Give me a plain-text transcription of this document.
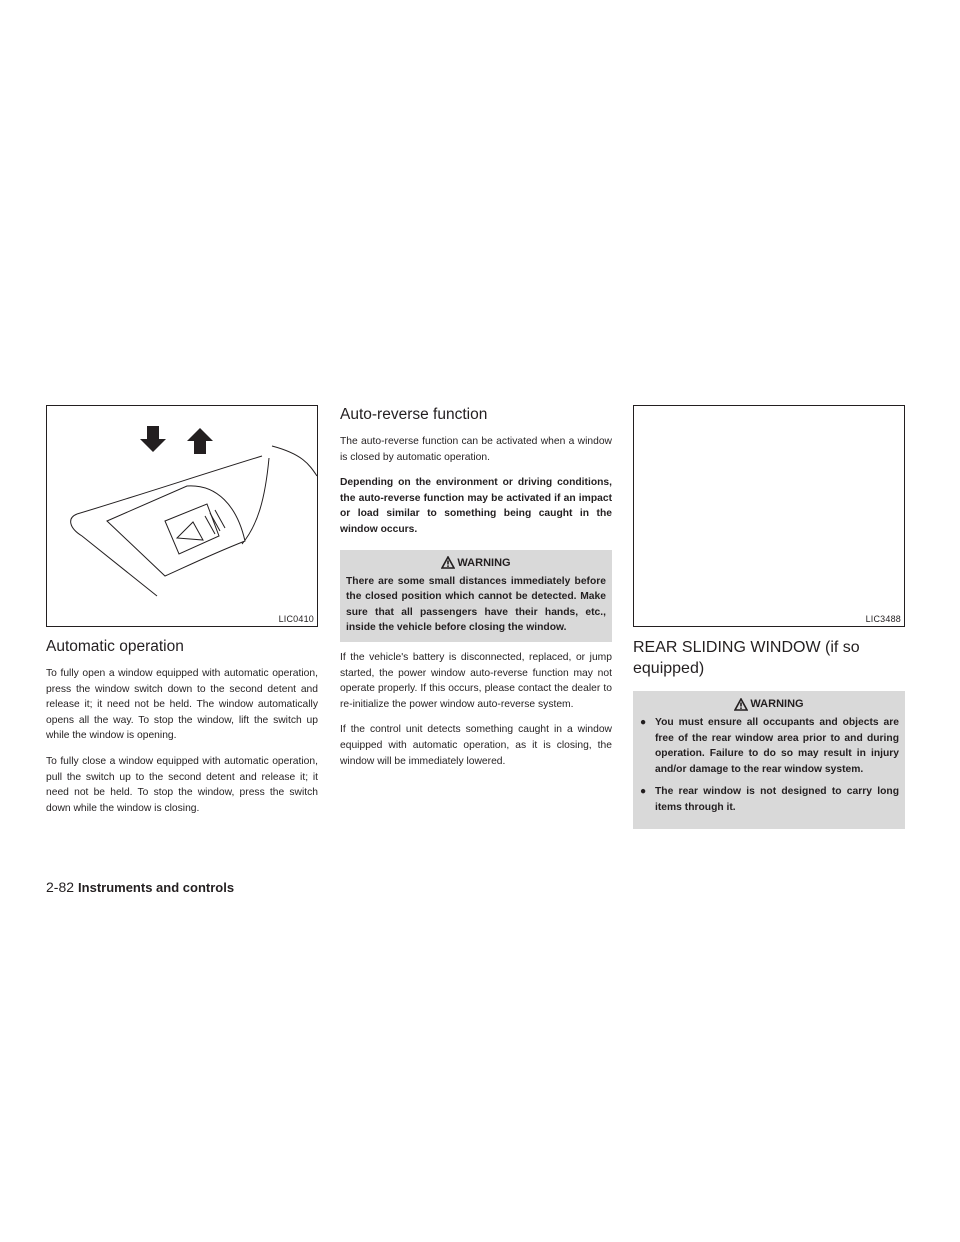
LIC0410
Automatic operation

To fully open a window equipped with automatic operation, press the window switch down to the second detent and release it; it need not be held. The window automatically opens all the way. To stop the window, lift the switch up while the window is opening.

To fully close a window equipped with automatic operation, pull the switch up to the second detent and release it; it need not be held. To stop the window, press the switch down while the window is closing.

Auto-reverse function

The auto-reverse function can be activated when a window is closed by automatic operation.

Depending on the environment or driving conditions, the auto-reverse function may be activated if an impact or load similar to something being caught in the window occurs.

WARNING
There are some small distances immediately before the closed position which cannot be detected. Make sure that all passengers have their hands, etc., inside the vehicle before closing the window.

If the vehicle's battery is disconnected, replaced, or jump started, the power window auto-reverse function may not operate properly. If this occurs, please contact the dealer to re-initialize the power window auto-reverse system.

If the control unit detects something caught in a window equipped with automatic operation, as it is closing, the window will be immediately lowered.

LIC3488
REAR SLIDING WINDOW (if so equipped)
WARNING
● You must ensure all occupants and objects are free of the rear window area prior to and during operation. Failure to do so may result in injury and/or damage to the rear window system.
● The rear window is not designed to carry long items through it.
2-82 Instruments and controls
